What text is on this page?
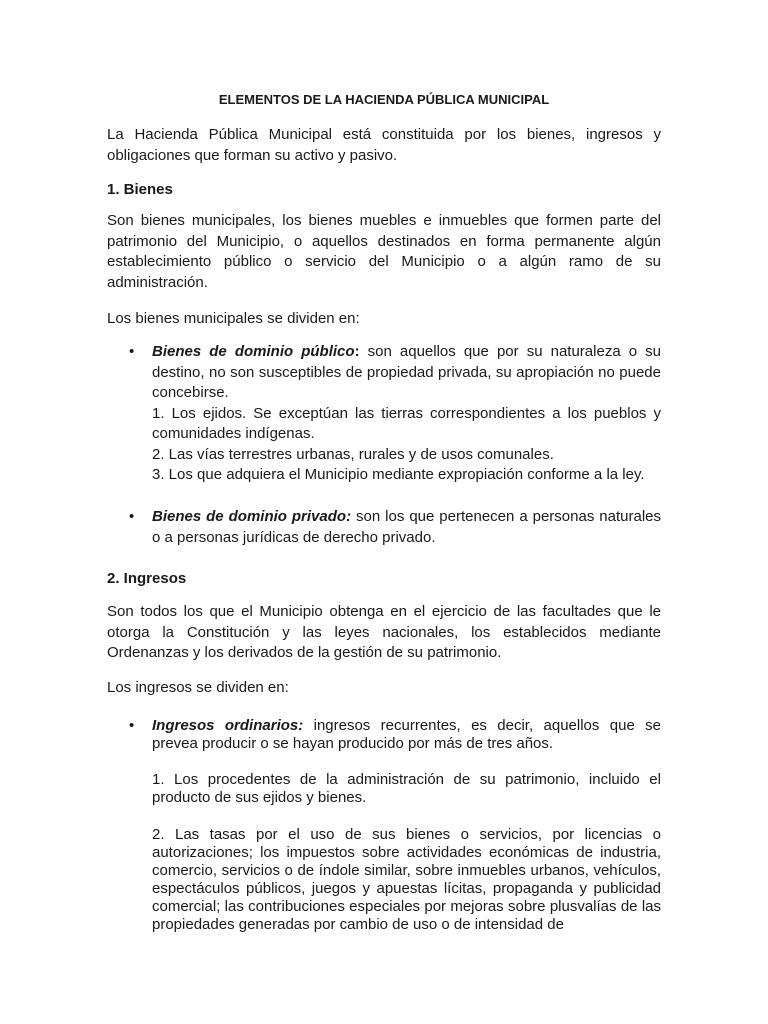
ELEMENTOS DE LA HACIENDA PÚBLICA MUNICIPAL

La Hacienda Pública Municipal está constituida por los bienes, ingresos y obligaciones que forman su activo y pasivo.

1. Bienes

Son bienes municipales, los bienes muebles e inmuebles que formen parte del patrimonio del Municipio, o aquellos destinados en forma permanente algún establecimiento público o servicio del Municipio o a algún ramo de su administración.

Los bienes municipales se dividen en:

• Bienes de dominio público: son aquellos que por su naturaleza o su destino, no son susceptibles de propiedad privada, su apropiación no puede concebirse.
1. Los ejidos. Se exceptúan las tierras correspondientes a los pueblos y comunidades indígenas.
2. Las vías terrestres urbanas, rurales y de usos comunales.
3. Los que adquiera el Municipio mediante expropiación conforme a la ley.

• Bienes de dominio privado: son los que pertenecen a personas naturales o a personas jurídicas de derecho privado.

2. Ingresos

Son todos los que el Municipio obtenga en el ejercicio de las facultades que le otorga la Constitución y las leyes nacionales, los establecidos mediante Ordenanzas y los derivados de la gestión de su patrimonio.

Los ingresos se dividen en:

• Ingresos ordinarios: ingresos recurrentes, es decir, aquellos que se prevea producir o se hayan producido por más de tres años.

1. Los procedentes de la administración de su patrimonio, incluido el producto de sus ejidos y bienes.

2. Las tasas por el uso de sus bienes o servicios, por licencias o autorizaciones; los impuestos sobre actividades económicas de industria, comercio, servicios o de índole similar, sobre inmuebles urbanos, vehículos, espectáculos públicos, juegos y apuestas lícitas, propaganda y publicidad comercial; las contribuciones especiales por mejoras sobre plusvalías de las propiedades generadas por cambio de uso o de intensidad de
